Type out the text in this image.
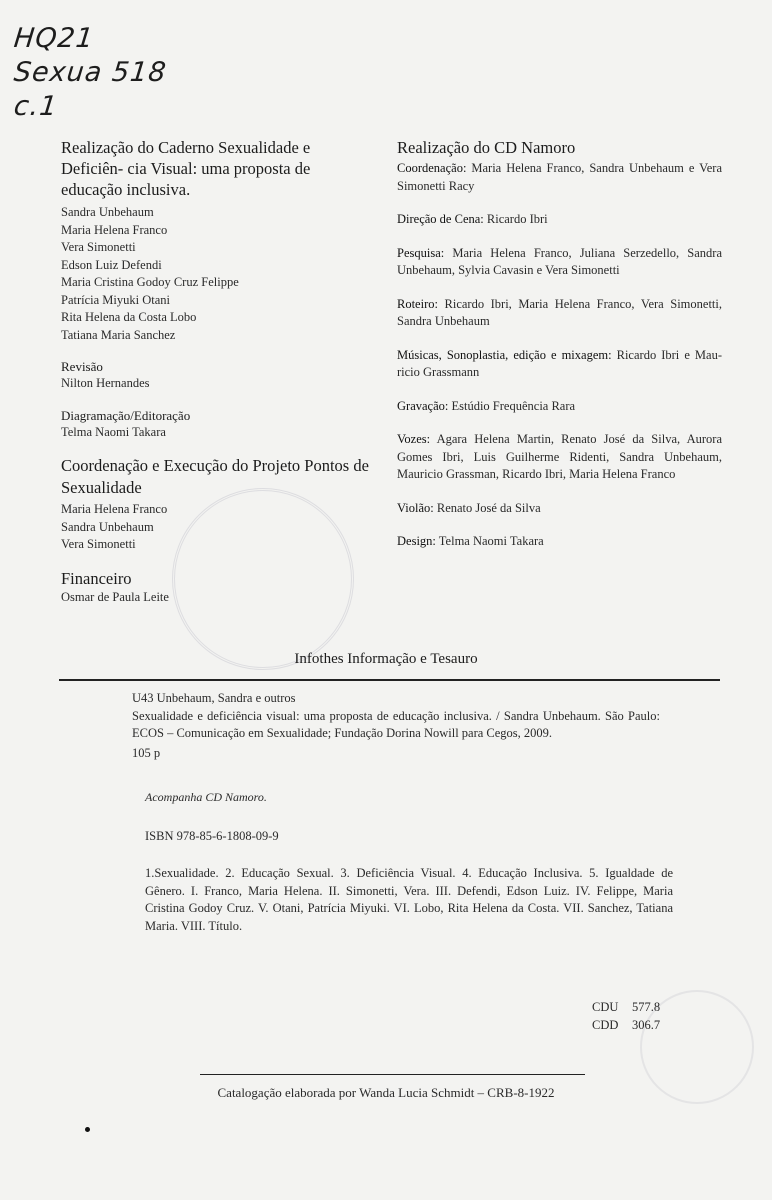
HQ21
Sexua 518
c.1

Realização do Caderno Sexualidade e Deficiên- cia Visual: uma proposta de educação inclusiva.

Sandra Unbehaum

Maria Helena Franco

Vera Simonetti

Edson Luiz Defendi

Maria Cristina Godoy Cruz Felippe

Patrícia Miyuki Otani

Rita Helena da Costa Lobo

Tatiana Maria Sanchez

Revisão

Nilton Hernandes

Diagramação/Editoração

Telma Naomi Takara

Coordenação e Execução do Projeto Pontos de Sexualidade

Maria Helena Franco

Sandra Unbehaum

Vera Simonetti

Financeiro

Osmar de Paula Leite

Realização do CD Namoro

Coordenação: Maria Helena Franco, Sandra Unbehaum e Vera Simonetti Racy

Direção de Cena: Ricardo Ibri

Pesquisa: Maria Helena Franco, Juliana Serzedello, Sandra Unbehaum, Sylvia Cavasin e Vera Simonetti

Roteiro: Ricardo Ibri, Maria Helena Franco, Vera Simonetti, Sandra Unbehaum

Músicas, Sonoplastia, edição e mixagem: Ricardo Ibri e Mau- ricio Grassmann

Gravação: Estúdio Frequência Rara

Vozes: Agara Helena Martin, Renato José da Silva, Aurora Gomes Ibri, Luis Guilherme Ridenti, Sandra Unbehaum, Mauricio Grassman, Ricardo Ibri, Maria Helena Franco

Violão: Renato José da Silva

Design: Telma Naomi Takara

Infothes Informação e Tesauro

U43 Unbehaum, Sandra e outros

Sexualidade e deficiência visual: uma proposta de educação inclusiva. / Sandra Unbehaum. São Paulo: ECOS – Comunicação em Sexualidade; Fundação Dorina Nowill para Cegos, 2009.

105 p

Acompanha CD Namoro.

ISBN 978-85-6-1808-09-9

1.Sexualidade. 2. Educação Sexual. 3. Deficiência Visual. 4. Educação Inclusiva. 5. Igualdade de Gênero. I. Franco, Maria Helena. II. Simonetti, Vera. III. Defendi, Edson Luiz. IV. Felippe, Maria Cristina Godoy Cruz. V. Otani, Patrícia Miyuki. VI. Lobo, Rita Helena da Costa. VII. Sanchez, Tatiana Maria. VIII. Título.

CDU 577.8
CDD 306.7
Catalogação elaborada por Wanda Lucia Schmidt – CRB-8-1922
